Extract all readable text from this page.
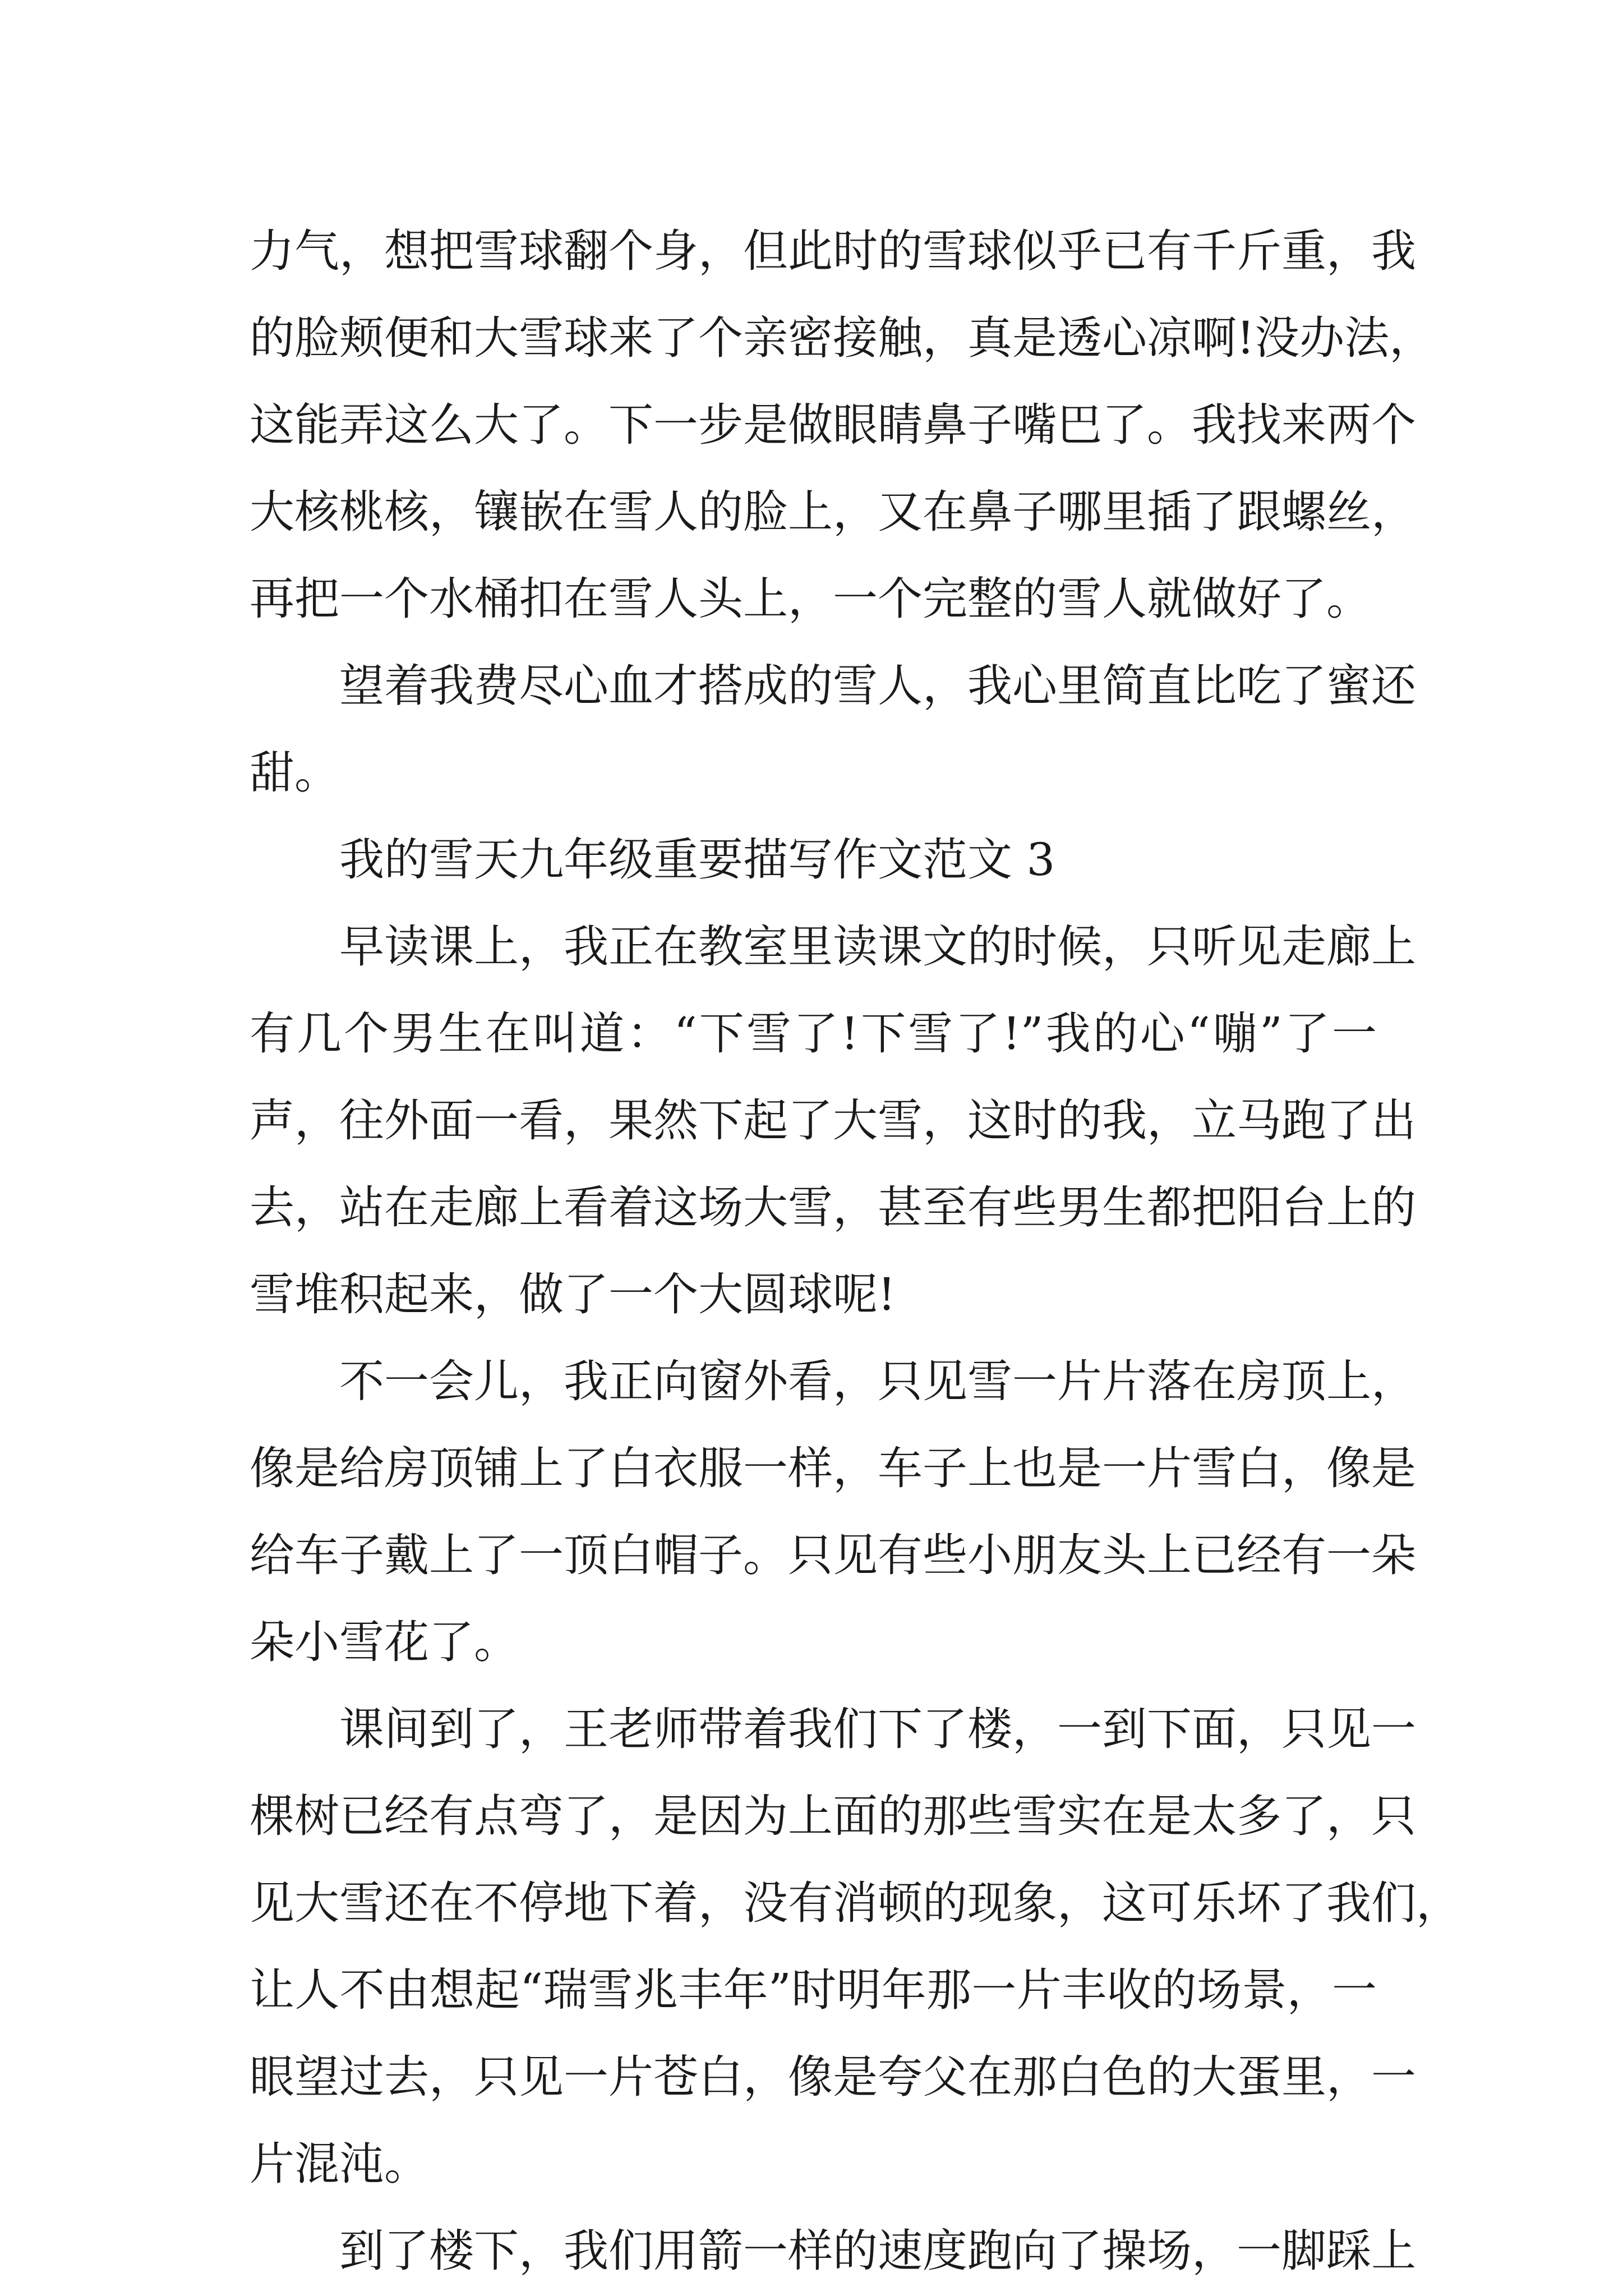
力气，想把雪球翻个身，但此时的雪球似乎已有千斤重，我
的脸颊便和大雪球来了个亲密接触，真是透心凉啊!没办法，
这能弄这么大了。下一步是做眼睛鼻子嘴巴了。我找来两个
大核桃核，镶嵌在雪人的脸上，又在鼻子哪里插了跟螺丝，
再把一个水桶扣在雪人头上，一个完整的雪人就做好了。
望着我费尽心血才搭成的雪人，我心里简直比吃了蜜还
甜。
我的雪天九年级重要描写作文范文 3
早读课上，我正在教室里读课文的时候，只听见走廊上
有几个男生在叫道：“下雪了!下雪了!”我的心“嘣”了一
声，往外面一看，果然下起了大雪，这时的我，立马跑了出
去，站在走廊上看着这场大雪，甚至有些男生都把阳台上的
雪堆积起来，做了一个大圆球呢!
不一会儿，我正向窗外看，只见雪一片片落在房顶上，
像是给房顶铺上了白衣服一样，车子上也是一片雪白，像是
给车子戴上了一顶白帽子。只见有些小朋友头上已经有一朵
朵小雪花了。
课间到了，王老师带着我们下了楼，一到下面，只见一
棵树已经有点弯了，是因为上面的那些雪实在是太多了，只
见大雪还在不停地下着，没有消顿的现象，这可乐坏了我们，
让人不由想起“瑞雪兆丰年”时明年那一片丰收的场景，一
眼望过去，只见一片苍白，像是夸父在那白色的大蛋里，一
片混沌。
到了楼下，我们用箭一样的速度跑向了操场，一脚踩上
